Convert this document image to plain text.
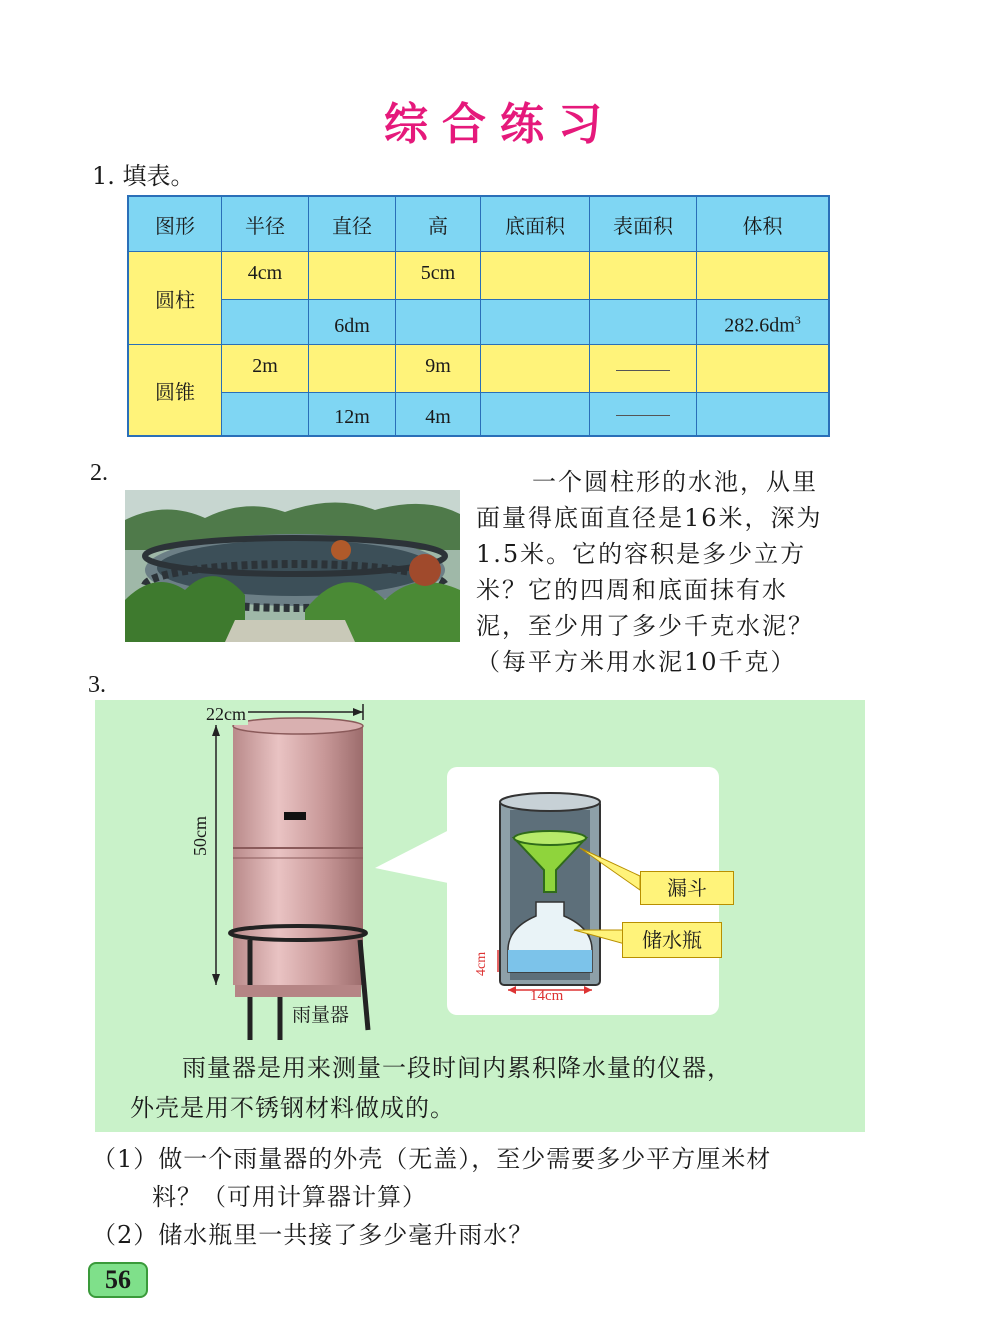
综合练习
1. 填表。
图形	半径	直径	高	底面积	表面积	体积
圆柱	4cm		5cm			
		6dm				$282.6dm^3$
圆锥	2m		9m			
		12m	4m			
2.	一个圆柱形的水池，从里
面量得底面直径是16米，深为
1.5米。它的容积是多少立方
米？它的四周和底面抹有水
泥，至少用了多少千克水泥？
（每平方米用水泥10千克）
3.
22cm
50cm
雨量器
漏斗
储水瓶
4cm
14cm
雨量器是用来测量一段时间内累积降水量的仪器，
外壳是用不锈钢材料做成的。
（1）做一个雨量器的外壳（无盖），至少需要多少平方厘米材
料？（可用计算器计算）
（2）储水瓶里一共接了多少毫升雨水？
56
